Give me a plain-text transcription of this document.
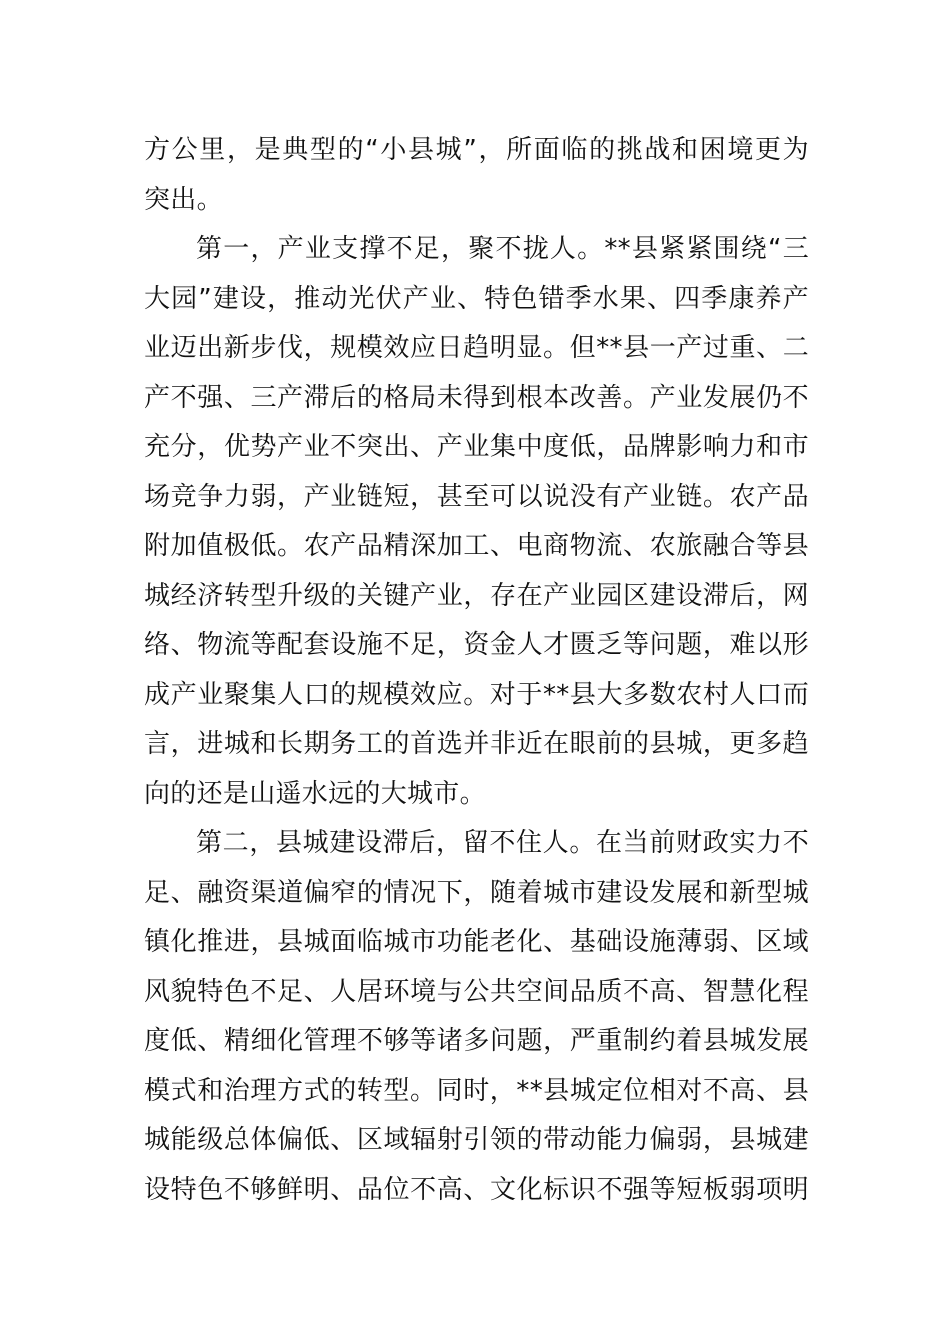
方公里，是典型的“小县城”，所面临的挑战和困境更为
突出。
第一，产业支撑不足，聚不拢人。**县紧紧围绕“三
大园”建设，推动光伏产业、特色错季水果、四季康养产
业迈出新步伐，规模效应日趋明显。但**县一产过重、二
产不强、三产滞后的格局未得到根本改善。产业发展仍不
充分，优势产业不突出、产业集中度低，品牌影响力和市
场竞争力弱，产业链短，甚至可以说没有产业链。农产品
附加值极低。农产品精深加工、电商物流、农旅融合等县
城经济转型升级的关键产业，存在产业园区建设滞后，网
络、物流等配套设施不足，资金人才匮乏等问题，难以形
成产业聚集人口的规模效应。对于**县大多数农村人口而
言，进城和长期务工的首选并非近在眼前的县城，更多趋
向的还是山遥水远的大城市。
第二，县城建设滞后，留不住人。在当前财政实力不
足、融资渠道偏窄的情况下，随着城市建设发展和新型城
镇化推进，县城面临城市功能老化、基础设施薄弱、区域
风貌特色不足、人居环境与公共空间品质不高、智慧化程
度低、精细化管理不够等诸多问题，严重制约着县城发展
模式和治理方式的转型。同时，**县城定位相对不高、县
城能级总体偏低、区域辐射引领的带动能力偏弱，县城建
设特色不够鲜明、品位不高、文化标识不强等短板弱项明
